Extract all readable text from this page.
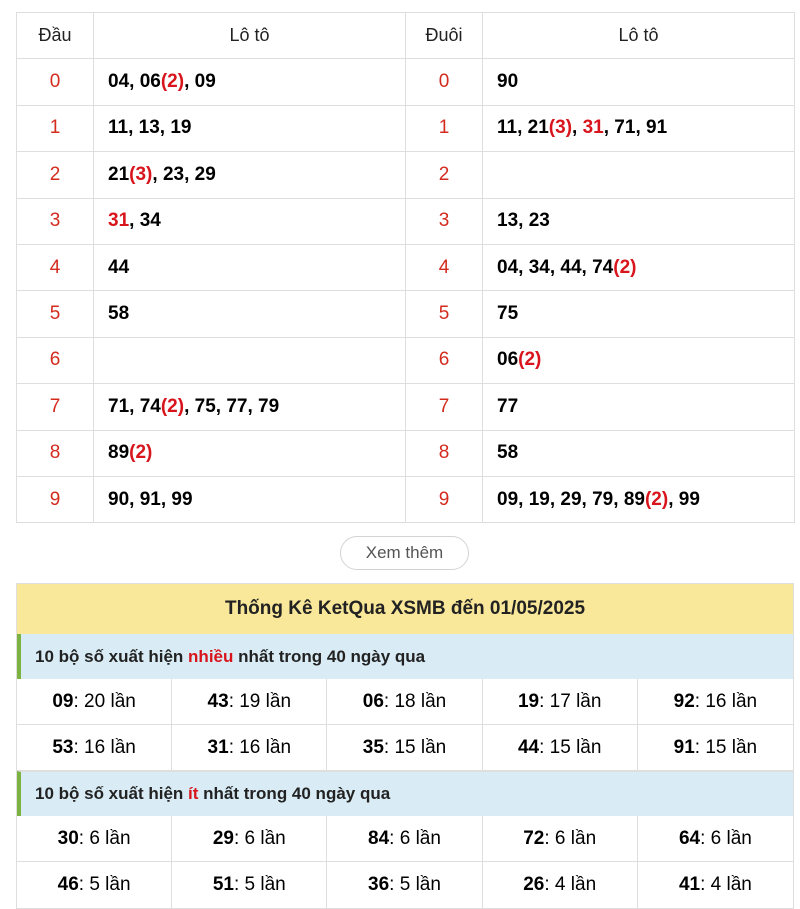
Đầu	Lô tô	Đuôi	Lô tô
0	04, 06(2), 09	0	90
1	11, 13, 19	1	11, 21(3), 31, 71, 91
2	21(3), 23, 29	2	
3	31, 34	3	13, 23
4	44	4	04, 34, 44, 74(2)
5	58	5	75
6		6	06(2)
7	71, 74(2), 75, 77, 79	7	77
8	89(2)	8	58
9	90, 91, 99	9	09, 19, 29, 79, 89(2), 99
Xem thêm
Thống Kê KetQua XSMB đến 01/05/2025
10 bộ số xuất hiện nhiều nhất trong 40 ngày qua
09 : 20 lần	43 : 19 lần	06 : 18 lần	19 : 17 lần	92 : 16 lần
53 : 16 lần	31 : 16 lần	35 : 15 lần	44 : 15 lần	91 : 15 lần
10 bộ số xuất hiện ít nhất trong 40 ngày qua
30 : 6 lần	29 : 6 lần	84 : 6 lần	72 : 6 lần	64 : 6 lần
46 : 5 lần	51 : 5 lần	36 : 5 lần	26 : 4 lần	41 : 4 lần
